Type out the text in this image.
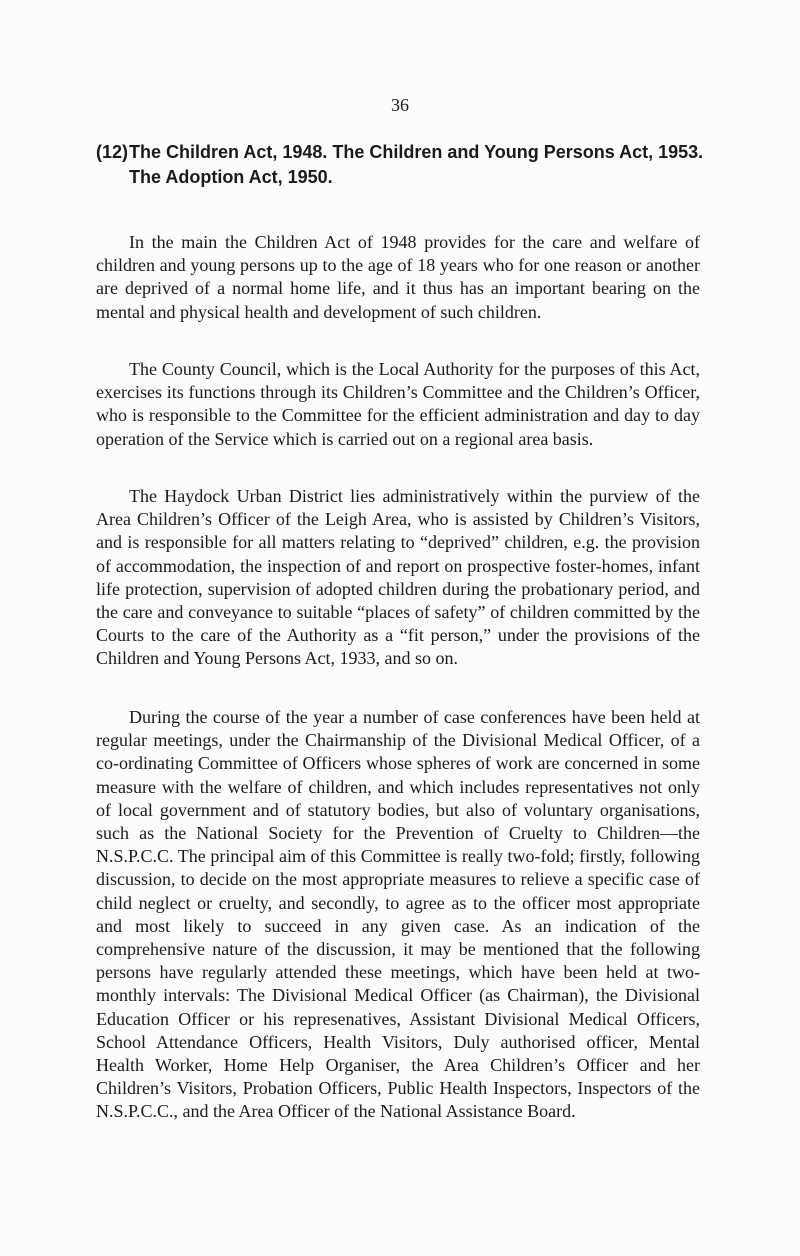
36
(12) The Children Act, 1948. The Children and Young Persons Act, 1953. The Adoption Act, 1950.

In the main the Children Act of 1948 provides for the care and welfare of children and young persons up to the age of 18 years who for one reason or another are deprived of a normal home life, and it thus has an important bearing on the mental and physical health and development of such children.

The County Council, which is the Local Authority for the purposes of this Act, exercises its functions through its Children’s Committee and the Children’s Officer, who is responsible to the Committee for the efficient administration and day to day operation of the Service which is carried out on a regional area basis.

The Haydock Urban District lies administratively within the purview of the Area Children’s Officer of the Leigh Area, who is assisted by Children’s Visitors, and is responsible for all matters relating to “deprived” children, e.g. the provision of accommodation, the inspection of and report on prospective foster-homes, infant life protection, supervision of adopted children during the probationary period, and the care and conveyance to suitable “places of safety” of children committed by the Courts to the care of the Authority as a “fit person,” under the provisions of the Children and Young Persons Act, 1933, and so on.

During the course of the year a number of case conferences have been held at regular meetings, under the Chairmanship of the Divisional Medical Officer, of a co-ordinating Committee of Officers whose spheres of work are concerned in some measure with the welfare of children, and which includes representatives not only of local government and of statutory bodies, but also of voluntary organisations, such as the National Society for the Prevention of Cruelty to Children—the N.S.P.C.C. The principal aim of this Committee is really two-fold; firstly, following discussion, to decide on the most appropriate measures to relieve a specific case of child neglect or cruelty, and secondly, to agree as to the officer most appropriate and most likely to succeed in any given case. As an indication of the comprehensive nature of the discussion, it may be mentioned that the following persons have regularly attended these meetings, which have been held at two-monthly intervals: The Divisional Medical Officer (as Chairman), the Divisional Education Officer or his represenatives, Assistant Divisional Medical Officers, School Attendance Officers, Health Visitors, Duly authorised officer, Mental Health Worker, Home Help Organiser, the Area Children’s Officer and her Children’s Visitors, Probation Officers, Public Health Inspectors, Inspectors of the N.S.P.C.C., and the Area Officer of the National Assistance Board.
